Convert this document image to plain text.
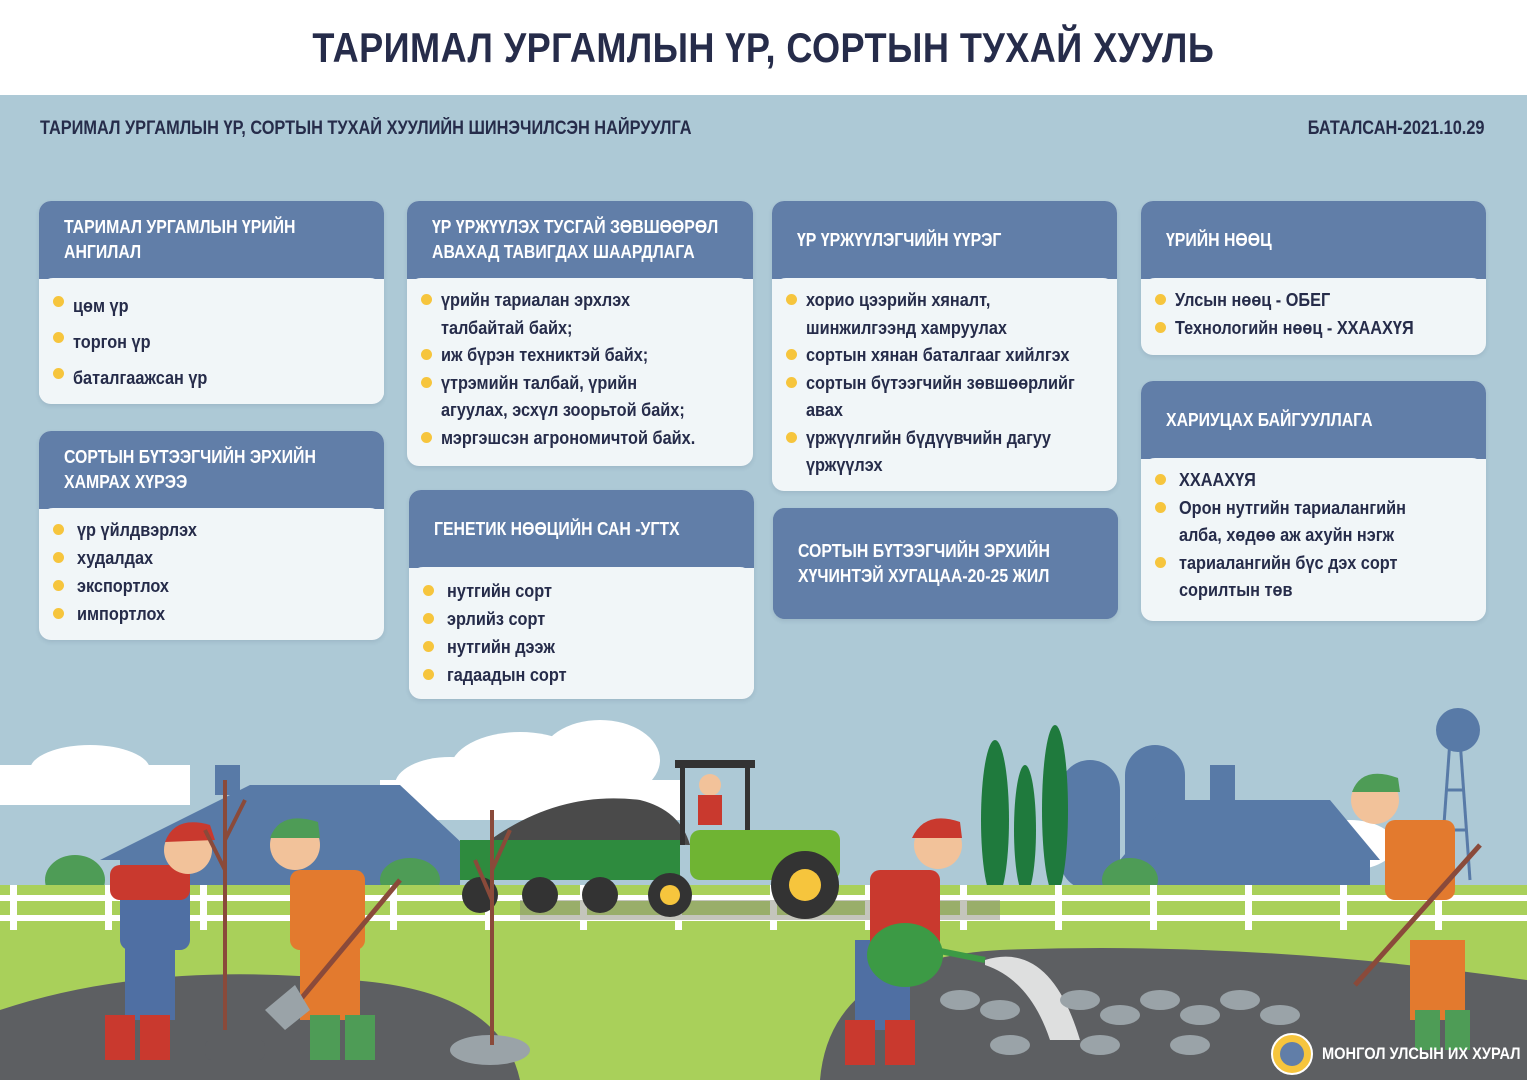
ТАРИМАЛ УРГАМЛЫН ҮР, СОРТЫН ТУХАЙ ХУУЛЬ
ТАРИМАЛ УРГАМЛЫН ҮР, СОРТЫН ТУХАЙ ХУУЛИЙН ШИНЭЧИЛСЭН НАЙРУУЛГА	БАТАЛСАН-2021.10.29
МОНГОЛ УЛСЫН ИХ ХУРАЛ
ТАРИМАЛ УРГАМЛЫН ҮРИЙН
АНГИЛАЛ
цөм үр
торгон үр
баталгаажсан үр
СОРТЫН БҮТЭЭГЧИЙН ЭРХИЙН
ХАМРАХ ХҮРЭЭ
үр үйлдвэрлэх
худалдах
экспортлох
импортлох
ҮР ҮРЖҮҮЛЭХ ТУСГАЙ ЗӨВШӨӨРӨЛ
АВАХАД ТАВИГДАХ ШААРДЛАГА
үрийн тариалан эрхлэх
талбайтай байх;
иж бүрэн техниктэй байх;
үтрэмийн талбай, үрийн
агуулах, эсхүл зоорьтой байх;
мэргэшсэн агрономичтой байх.
ГЕНЕТИК НӨӨЦИЙН САН -УГТХ
нутгийн сорт
эрлийз сорт
нутгийн дээж
гадаадын сорт
ҮР ҮРЖҮҮЛЭГЧИЙН ҮҮРЭГ
хорио цээрийн хяналт,
шинжилгээнд хамруулах
сортын хянан баталгааг хийлгэх
сортын бүтээгчийн зөвшөөрлийг
авах
үржүүлгийн бүдүүвчийн дагуу
үржүүлэх
СОРТЫН БҮТЭЭГЧИЙН ЭРХИЙН
ХҮЧИНТЭЙ ХУГАЦАА-20-25 ЖИЛ
ҮРИЙН НӨӨЦ
Улсын нөөц - ОБЕГ
Технологийн нөөц - ХХААХҮЯ
ХАРИУЦАХ БАЙГУУЛЛАГА
ХХААХҮЯ
Орон нутгийн тариалангийн
алба, хөдөө аж ахуйн нэгж
тариалангийн бүс дэх сорт
сорилтын төв
